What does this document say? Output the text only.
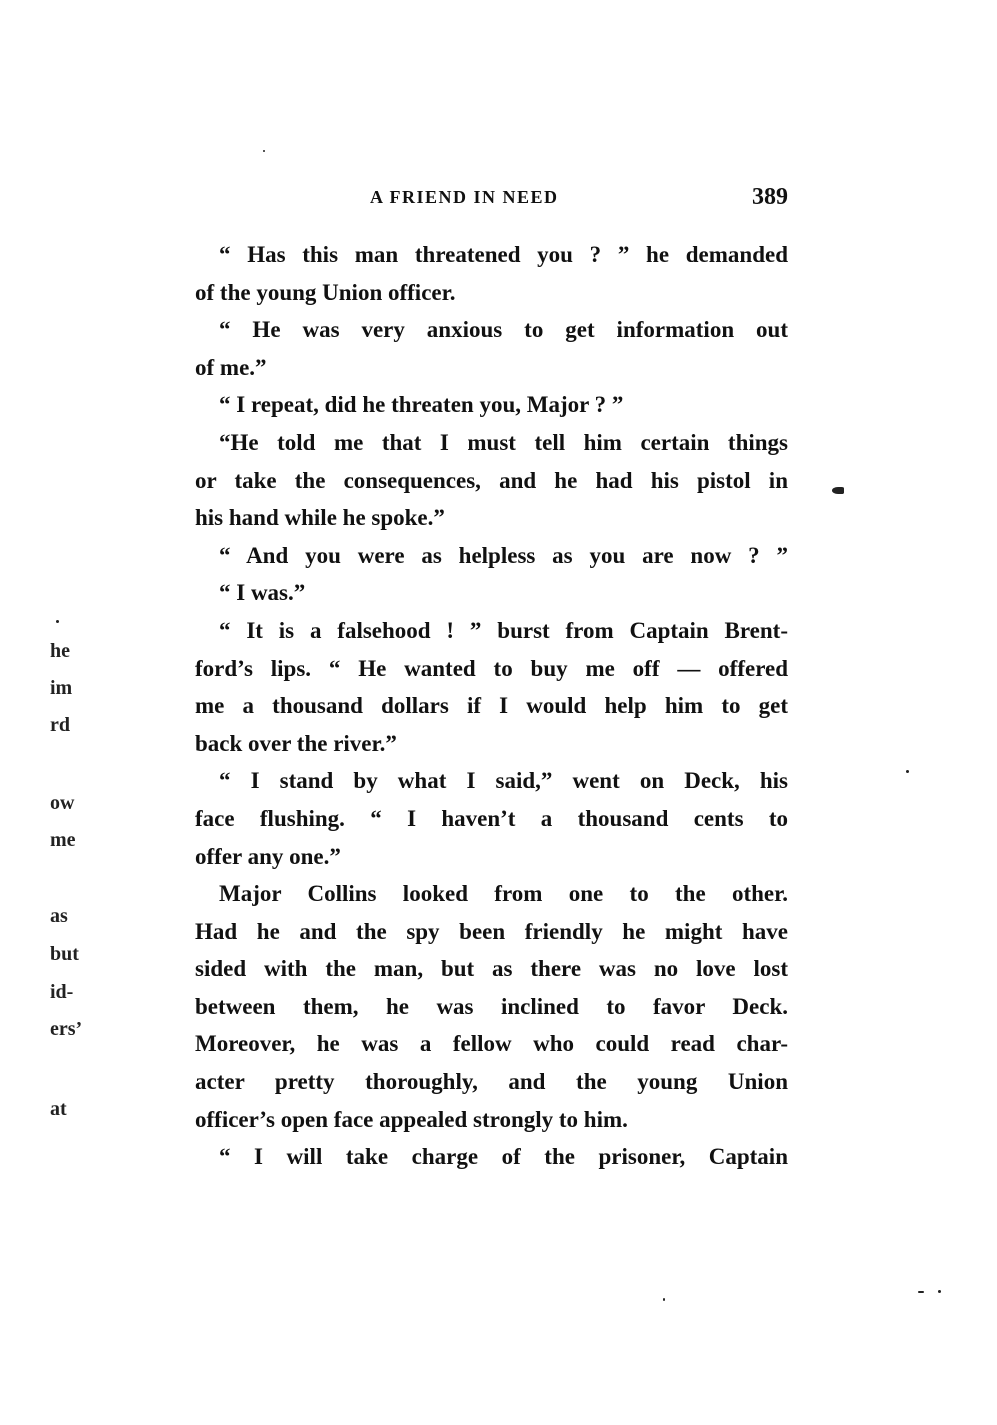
A FRIEND IN NEED	389
“ Has this man threatened you ? ” he demanded
of the young Union officer.
“ He was very anxious to get information out
of me.”
“ I repeat, did he threaten you, Major ? ”
“He told me that I must tell him certain things
or take the consequences, and he had his pistol in
his hand while he spoke.”
“ And you were as helpless as you are now ? ”
“ I was.”
“ It is a falsehood ! ” burst from Captain Brent-
ford’s lips. “ He wanted to buy me off — offered
me a thousand dollars if I would help him to get
back over the river.”
“ I stand by what I said,” went on Deck, his
face flushing. “ I haven’t a thousand cents to
offer any one.”
Major Collins looked from one to the other.
Had he and the spy been friendly he might have
sided with the man, but as there was no love lost
between them, he was inclined to favor Deck.
Moreover, he was a fellow who could read char-
acter pretty thoroughly, and the young Union
officer’s open face appealed strongly to him.
“ I will take charge of the prisoner, Captain
he
im
rd
ow
me
as
but
id-
ers’
at
